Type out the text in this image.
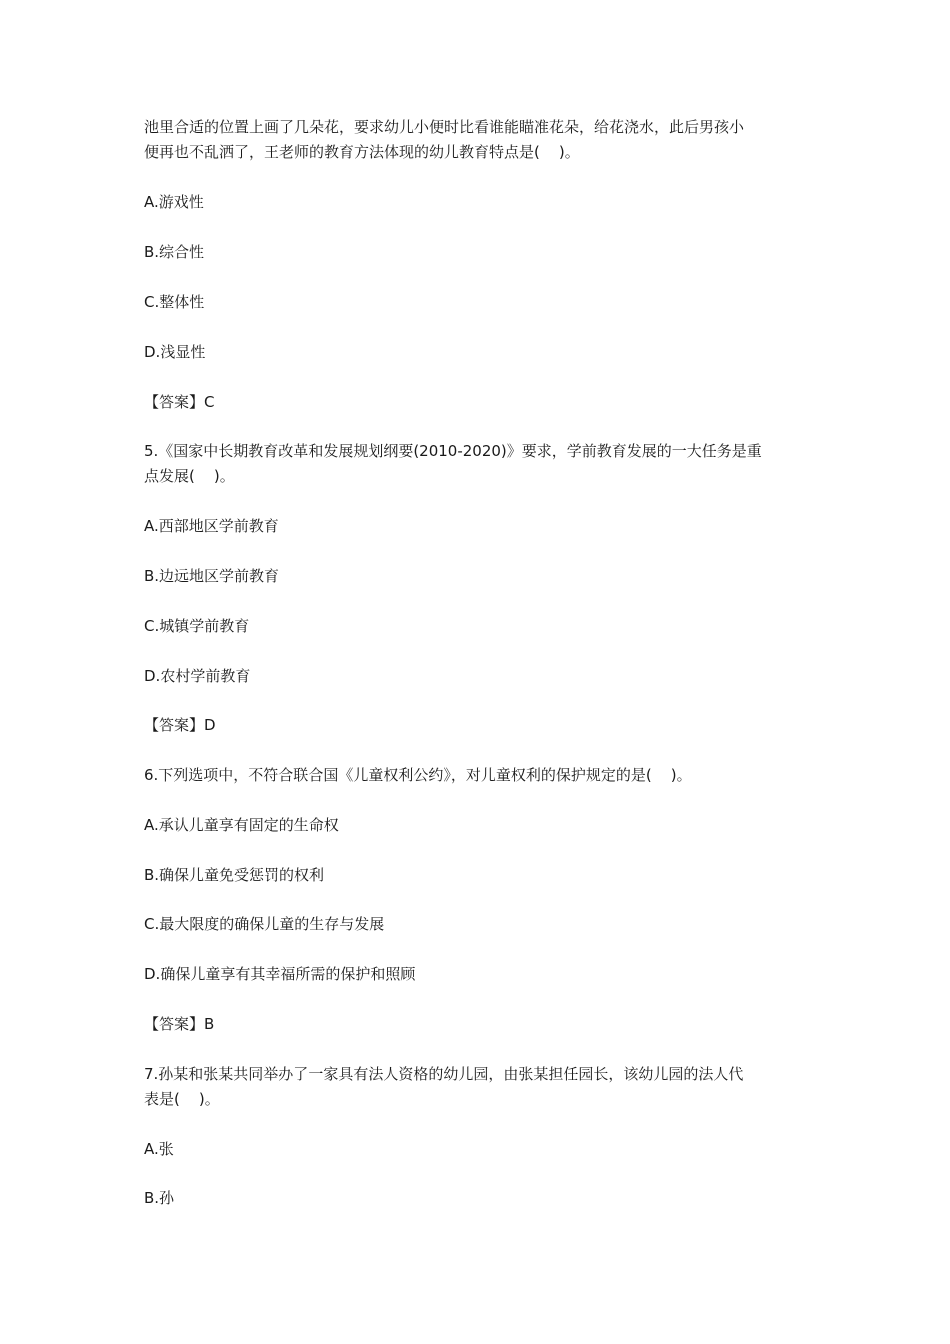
池里合适的位置上画了几朵花，要求幼儿小便时比看谁能瞄准花朵，给花浇水，此后男孩小
便再也不乱洒了，王老师的教育方法体现的幼儿教育特点是(    )。
A.游戏性
B.综合性
C.整体性
D.浅显性
【答案】C
5.《国家中长期教育改革和发展规划纲要(2010-2020)》要求，学前教育发展的一大任务是重
点发展(    )。
A.西部地区学前教育
B.边远地区学前教育
C.城镇学前教育
D.农村学前教育
【答案】D
6.下列选项中，不符合联合国《儿童权利公约》，对儿童权利的保护规定的是(    )。
A.承认儿童享有固定的生命权
B.确保儿童免受惩罚的权利
C.最大限度的确保儿童的生存与发展
D.确保儿童享有其幸福所需的保护和照顾
【答案】B
7.孙某和张某共同举办了一家具有法人资格的幼儿园，由张某担任园长，该幼儿园的法人代
表是(    )。
A.张
B.孙
